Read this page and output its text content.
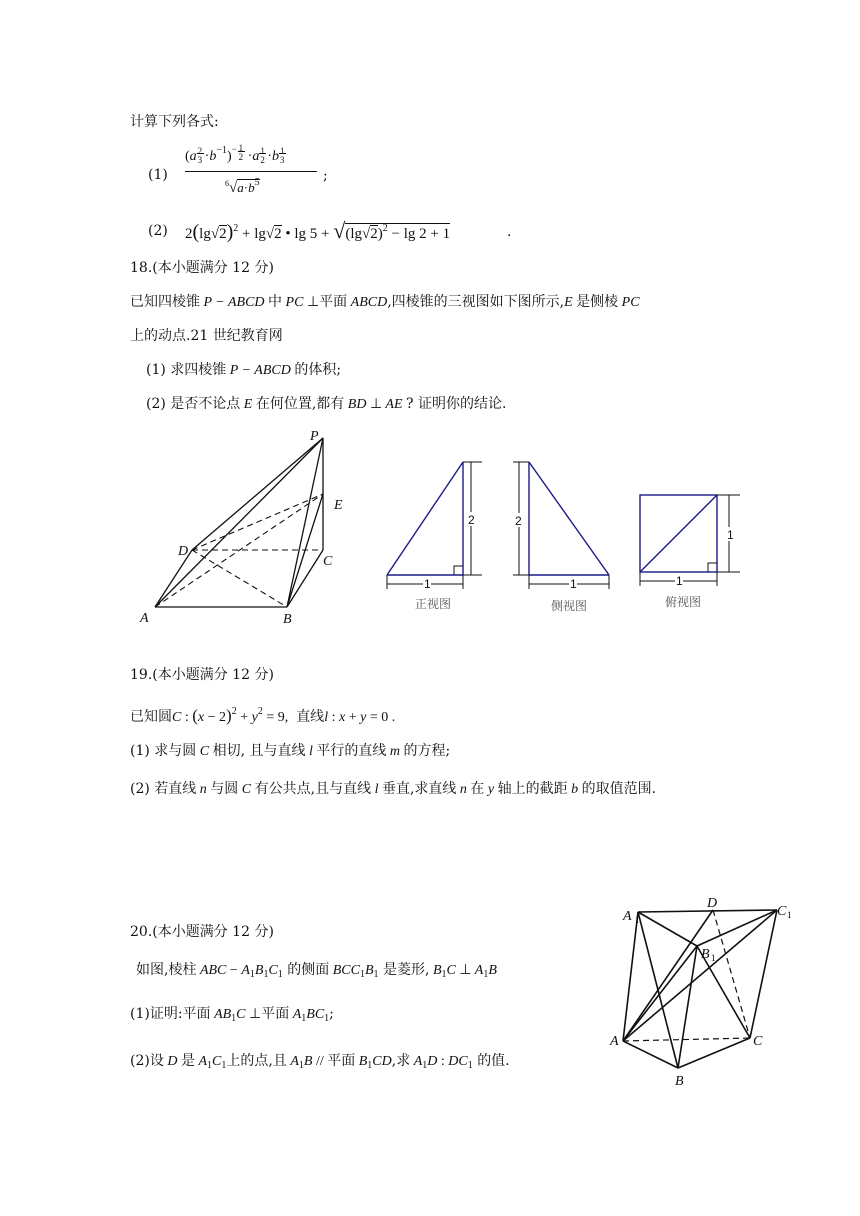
计算下列各式:
(1)
(a
$\frac{2}{3}$
$\cdot b^{-1}) - 1$
2 ·a
$\frac{1}{2}$
·b
$\frac{1}{3}$
$^6√a\cdot b^5$	;
(2) $2(\lg√2)^2 + \lg√2$ • $\lg 5 + √(\lg√2)^2 - \lg 2 + 1$	.
18.(本小题满分 12 分)
已知四棱锥 P − ABCD 中 PC ⊥平面 ABCD,四棱锥的三视图如下图所示,E 是侧棱 PC
上的动点.21 世纪教育网
(1) 求四棱锥 P − ABCD 的体积;
(2) 是否不论点 E 在何位置,都有 BD ⊥ AE ? 证明你的结论.
P
E
D
C
A	B
1
2
正视图
2
1
侧视图
1
1
俯视图
19.(本小题满分 12 分)
已知圆C : $(x - 2)^2 + y^2 = 9$,  直线l : x + y = 0 .
(1) 求与圆 C 相切, 且与直线 l 平行的直线 m 的方程;
(2) 若直线 n 与圆 C 有公共点,且与直线 l 垂直,求直线 n 在 y 轴上的截距 b 的取值范围.
20.(本小题满分 12 分)
如图,棱柱 ABC − $A_1B_1C_1$ 的侧面 $BCC_1B_1$ 是菱形, $B_1C$ ⊥ $A_1B$
(1)证明:平面 $AB_1C$ ⊥平面 $A_1BC_1$;
(2)设 D 是 $A_1C_1$上的点,且 $A_1B$ // 平面 $B_1CD$,求 $A_1D$ : $DC_1$ 的值.
A 1
D
C 1
B 1
A	C
B
